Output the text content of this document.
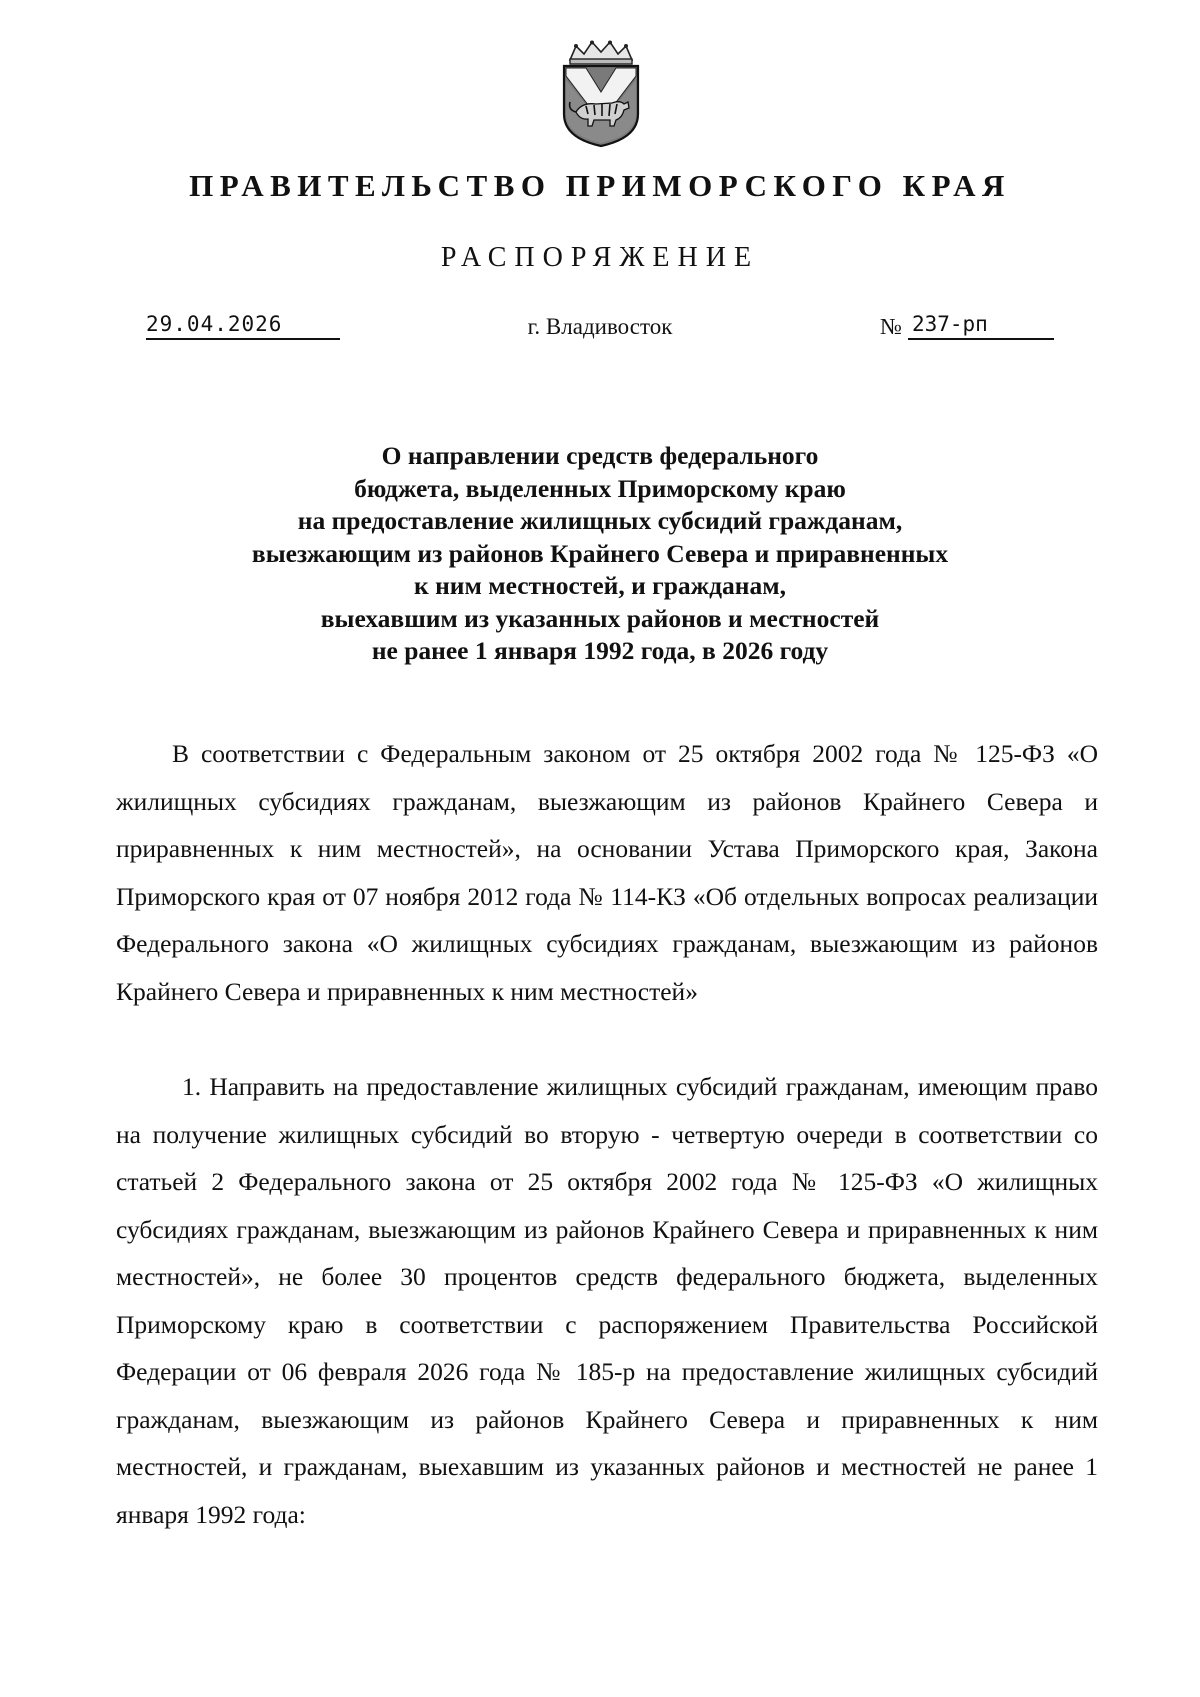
ПРАВИТЕЛЬСТВО ПРИМОРСКОГО КРАЯ
РАСПОРЯЖЕНИЕ
29.04.2026	г. Владивосток	№ 237-рп
О направлении средств федерального
бюджета, выделенных Приморскому краю
на предоставление жилищных субсидий гражданам,
выезжающим из районов Крайнего Севера и приравненных
к ним местностей, и гражданам,
выехавшим из указанных районов и местностей
не ранее 1 января 1992 года, в 2026 году

В соответствии с Федеральным законом от 25 октября 2002 года № 125-ФЗ «О жилищных субсидиях гражданам, выезжающим из районов Крайнего Севера и приравненных к ним местностей», на основании Устава Приморского края, Закона Приморского края от 07 ноября 2012 года № 114-КЗ «Об отдельных вопросах реализации Федерального закона «О жилищных субсидиях гражданам, выезжающим из районов Крайнего Севера и приравненных к ним местностей»

1. Направить на предоставление жилищных субсидий гражданам, имеющим право на получение жилищных субсидий во вторую - четвертую очереди в соответствии со статьей 2 Федерального закона от 25 октября 2002 года № 125-ФЗ «О жилищных субсидиях гражданам, выезжающим из районов Крайнего Севера и приравненных к ним местностей», не более 30 процентов средств федерального бюджета, выделенных Приморскому краю в соответствии с распоряжением Правительства Российской Федерации от 06 февраля 2026 года № 185-р на предоставление жилищных субсидий гражданам, выезжающим из районов Крайнего Севера и приравненных к ним местностей, и гражданам, выехавшим из указанных районов и местностей не ранее 1 января 1992 года:
